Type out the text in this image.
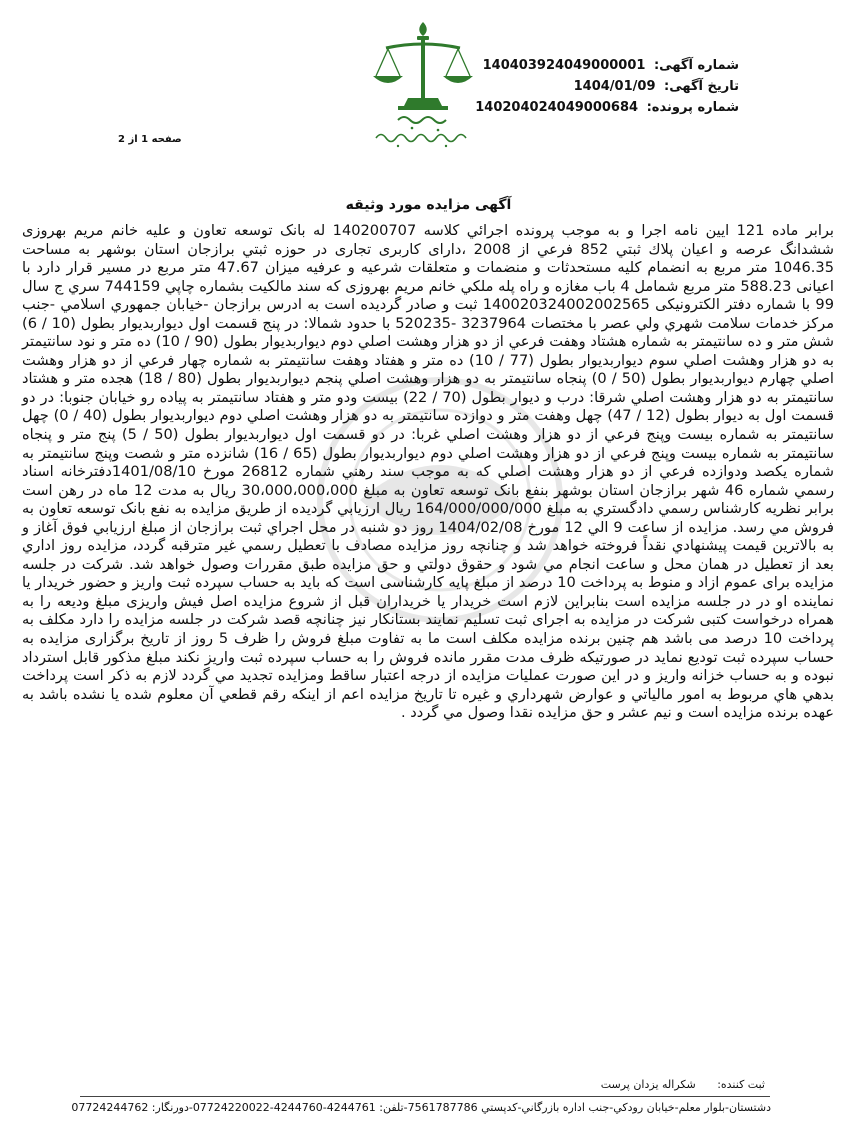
شماره آگهی: 140403924049000001
تاریخ آگهی: 1404/01/09
شماره پرونده: 140204024049000684
صفحه 1 از 2
آگهی مزایده مورد وثیقه

برابر ماده 121 ايين نامه اجرا و به موجب پرونده اجرائي كلاسه 140200707 له بانک توسعه تعاون و علیه خانم مریم بهروزی ششدانگ عرصه و اعيان پلاك ثبتي 852 فرعي از 2008 ،دارای کاربری تجاری در حوزه ثبتي برازجان استان بوشهر به مساحت 1046.35 متر مربع به انضمام كليه مستحدثات و منضمات و متعلقات شرعيه و عرفيه ميزان 47.67 متر مربع در مسیر قرار دارد با اعیانی 588.23 متر مربع شمامل 4 باب مغازه و راه پله ملكي خانم مریم بهروزی که سند مالكيت بشماره چاپي 744159 سري ج سال 99 با شماره دفتر الکترونیکی 140020324002002565 ثبت و صادر گرديده است به ادرس برازجان -خيابان جمهوري اسلامي -جنب مرکز خدمات سلامت شهري ولي عصر با مختصات 3237964 -520235 با حدود شمالا: در پنج قسمت اول ديواربديوار بطول (10 / 6) شش متر و ده سانتيمتر به شماره هشتاد وهفت فرعي از دو هزار وهشت اصلي دوم ديواربديوار بطول (90 / 10) ده متر و نود سانتيمتر به دو هزار وهشت اصلي سوم ديواربديوار بطول (77 / 10) ده متر و هفتاد وهفت سانتيمتر به شماره چهار فرعي از دو هزار وهشت اصلي چهارم ديواربديوار بطول (50 / 0) پنجاه سانتيمتر به دو هزار وهشت اصلي پنجم ديواربديوار بطول (80 / 18) هجده متر و هشتاد سانتيمتر به دو هزار وهشت اصلي شرقا: درب و ديوار بطول (70 / 22) بيست ودو متر و هفتاد سانتيمتر به پياده رو خيابان جنوبا: در دو قسمت اول به ديوار بطول (12 / 47) چهل وهفت متر و دوازده سانتيمتر به دو هزار وهشت اصلي دوم ديواربديوار بطول (40 / 0) چهل سانتيمتر به شماره بيست وپنج فرعي از دو هزار وهشت اصلي غربا: در دو قسمت اول ديواربديوار بطول (50 / 5) پنج متر و پنجاه سانتيمتر به شماره بيست وپنج فرعي از دو هزار وهشت اصلي دوم ديواربديوار بطول (65 / 16) شانزده متر و شصت وپنج سانتيمتر به شماره يكصد ودوازده فرعي از دو هزار وهشت اصلي كه به موجب سند رهني شماره 26812 مورخ 1401/08/10دفترخانه اسناد رسمي شماره 46 شهر برازجان استان بوشهر بنفع بانک توسعه تعاون به مبلغ 30،000،000،000 ريال به مدت 12 ماه در رهن است برابر نظريه كارشناس رسمي دادگستري به مبلغ 164/000/000/000 ريال ارزيابي گرديده از طريق مزايده به نفع بانک توسعه تعاون به فروش مي رسد. مزايده از ساعت 9 الي 12 مورخ 1404/02/08 روز دو شنبه در محل اجراي ثبت برازجان از مبلغ ارزيابي فوق آغاز و به بالاترين قيمت پيشنهادي نقداً فروخته خواهد شد و چنانچه روز مزايده مصادف با تعطيل رسمي غير مترقبه گردد، مزايده روز اداري بعد از تعطيل در همان محل و ساعت انجام مي شود و حقوق دولتي و حق مزايده طبق مقررات وصول خواهد شد. شرکت در جلسه مزايده برای عموم ازاد و منوط به پرداخت 10 درصد از مبلغ پايه کارشناسی است که بايد به حساب سپرده ثبت واريز و حضور خريدار يا نماينده او در در جلسه مزايده است بنابراين لازم است خريدار يا خريداران قبل از شروع مزايده اصل فيش واريزی مبلغ وديعه را به همراه درخواست کتبی شرکت در مزايده به اجرای ثبت تسليم نمايند بستانكار نيز چنانچه قصد شرکت در جلسه مزايده را دارد مکلف به پرداخت 10 درصد می باشد هم چنين برنده مزايده مکلف است ما به تفاوت مبلغ فروش را ظرف 5 روز از تاريخ برگزاری مزايده به حساب سپرده ثبت توديع نمايد در صورتيكه ظرف مدت مقرر مانده فروش را به حساب سپرده ثبت واريز نكند مبلغ مذكور قابل استرداد نبوده و به حساب خزانه واريز و در اين صورت عمليات مزايده از درجه اعتبار ساقط ومزايده تجديد مي گردد لازم به ذكر است پرداخت بدهي هاي مربوط به امور مالياتي و عوارض شهرداري و غيره تا تاريخ مزايده اعم از اينكه رقم قطعي آن معلوم شده يا نشده باشد به عهده برنده مزايده است و نيم عشر و حق مزايده نقدا وصول مي گردد .

ثبت کننده: شکراله یزدان پرست
دشتستان-بلوار معلم-خيابان رودكي-جنب اداره بازرگاني-كدپستي 7561787786-تلفن: 4244761-4244760-07724220022-دورنگار: 07724244762
